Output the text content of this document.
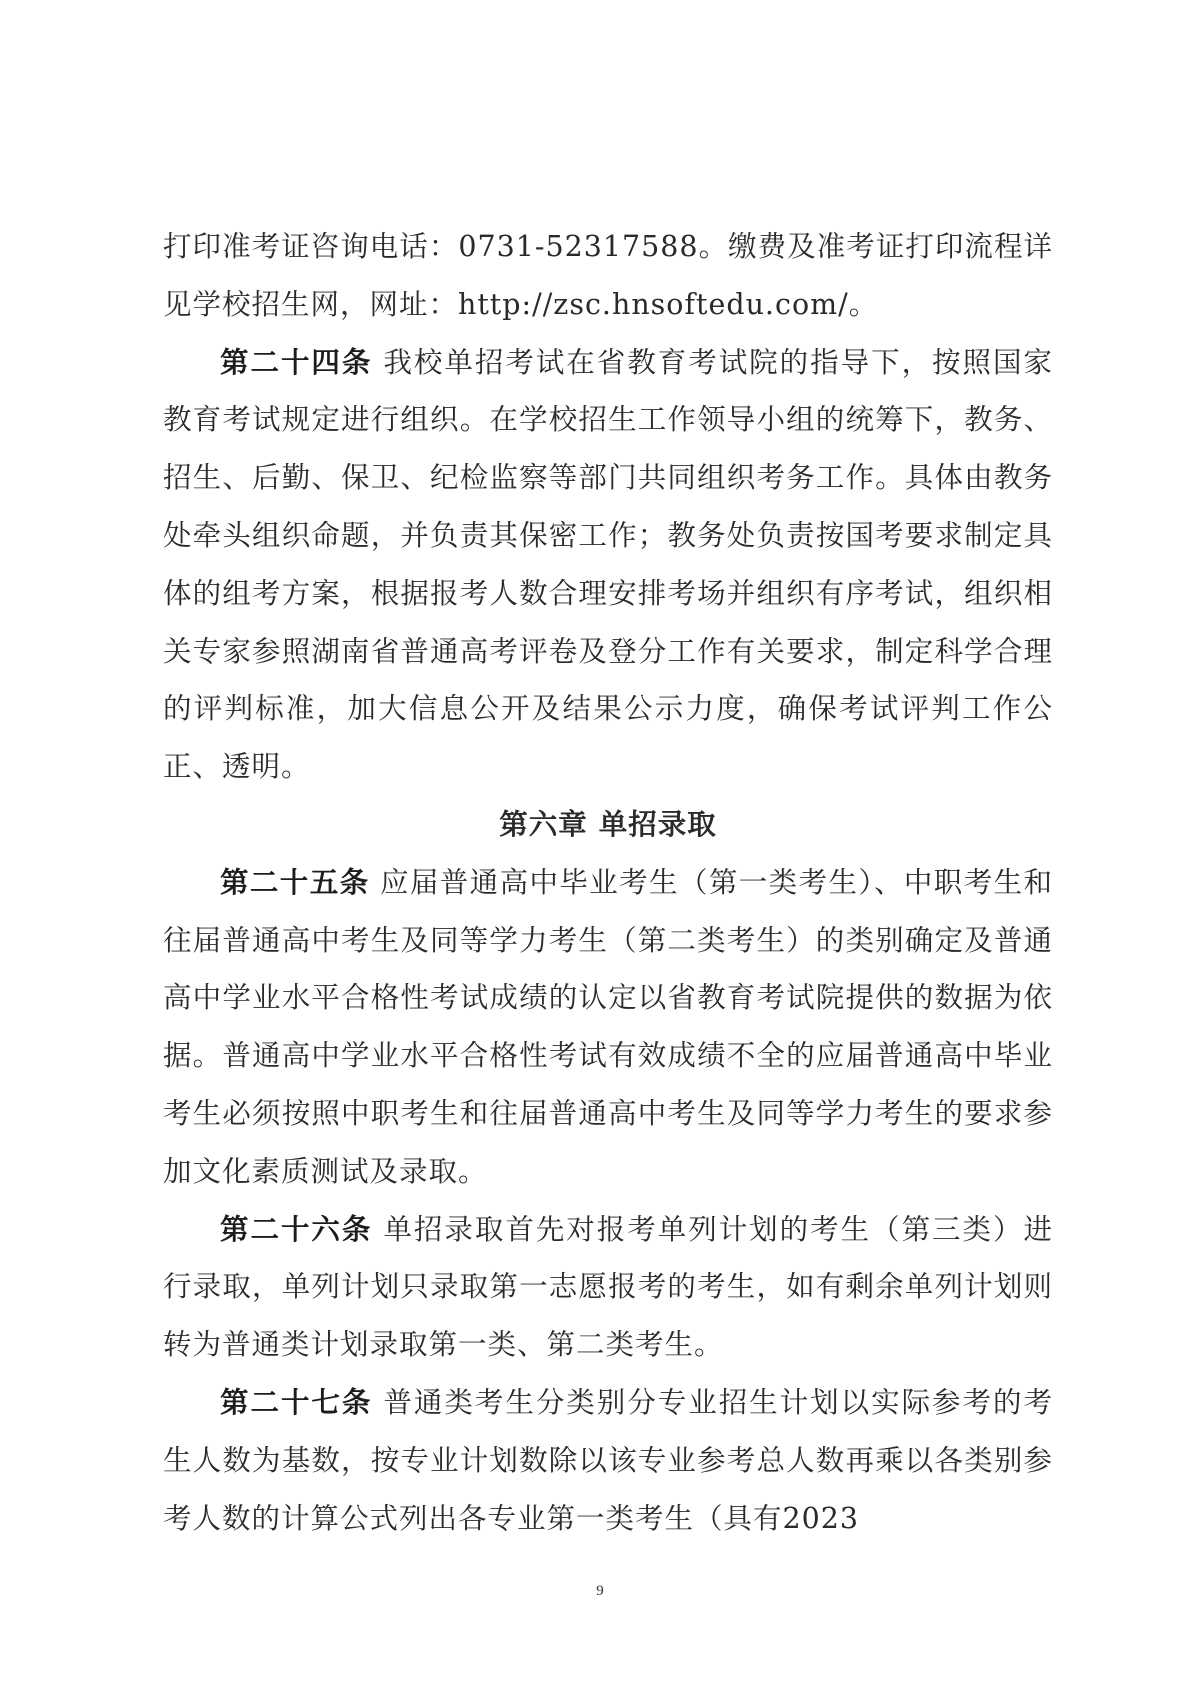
打印准考证咨询电话：0731-52317588。缴费及准考证打印流程详见学校招生网，网址：http://zsc.hnsoftedu.com/。

第二十四条 我校单招考试在省教育考试院的指导下，按照国家教育考试规定进行组织。在学校招生工作领导小组的统筹下，教务、招生、后勤、保卫、纪检监察等部门共同组织考务工作。具体由教务处牵头组织命题，并负责其保密工作；教务处负责按国考要求制定具体的组考方案，根据报考人数合理安排考场并组织有序考试，组织相关专家参照湖南省普通高考评卷及登分工作有关要求，制定科学合理的评判标准，加大信息公开及结果公示力度，确保考试评判工作公正、透明。

第六章 单招录取

第二十五条 应届普通高中毕业考生（第一类考生）、中职考生和往届普通高中考生及同等学力考生（第二类考生）的类别确定及普通高中学业水平合格性考试成绩的认定以省教育考试院提供的数据为依据。普通高中学业水平合格性考试有效成绩不全的应届普通高中毕业考生必须按照中职考生和往届普通高中考生及同等学力考生的要求参加文化素质测试及录取。

第二十六条 单招录取首先对报考单列计划的考生（第三类）进行录取，单列计划只录取第一志愿报考的考生，如有剩余单列计划则转为普通类计划录取第一类、第二类考生。

第二十七条 普通类考生分类别分专业招生计划以实际参考的考生人数为基数，按专业计划数除以该专业参考总人数再乘以各类别参考人数的计算公式列出各专业第一类考生（具有2023

9
